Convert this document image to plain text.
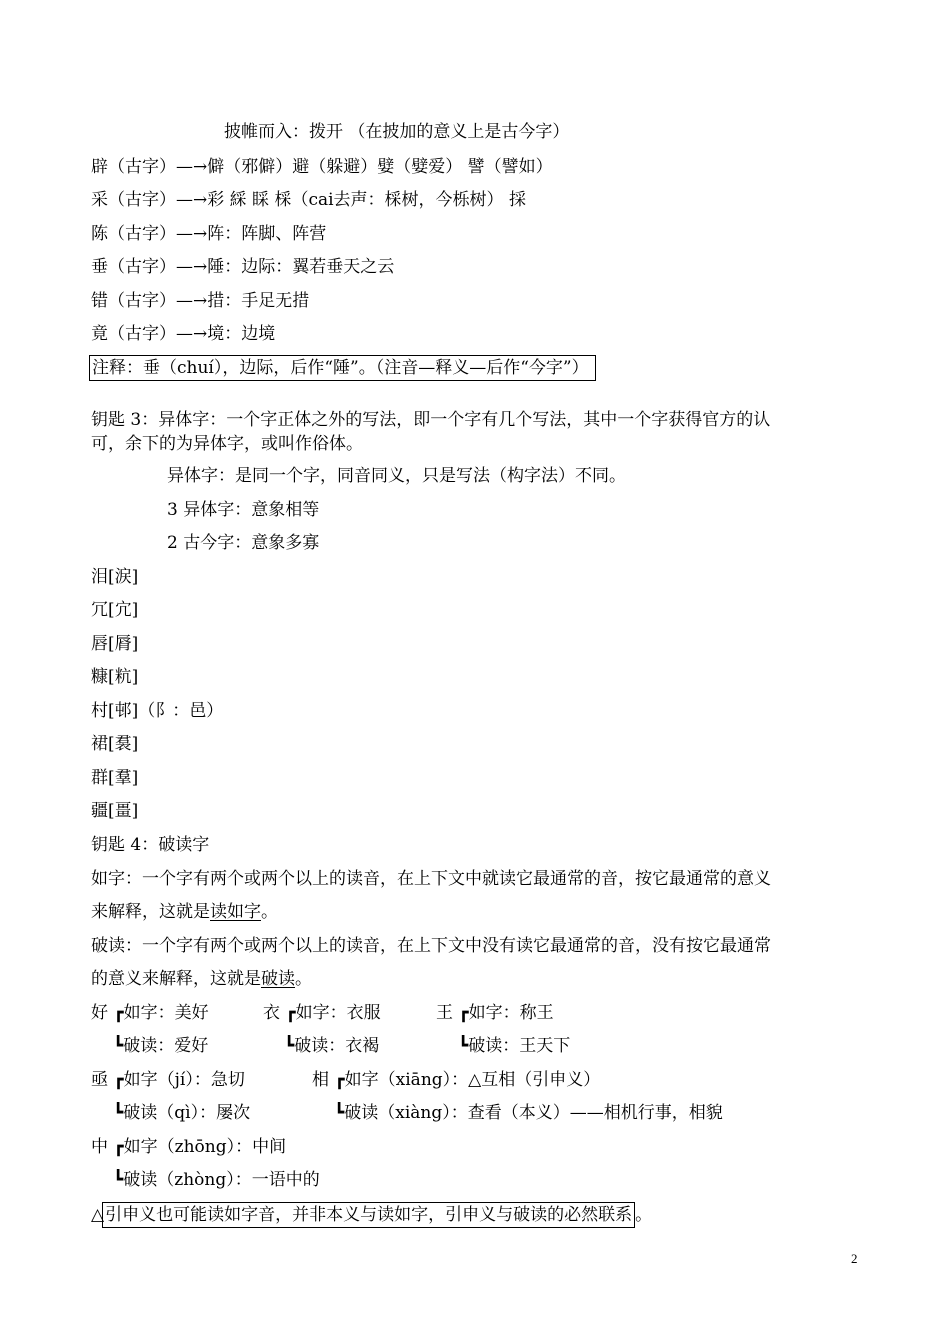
披帷而入：拨开 （在披加的意义上是古今字）
辟（古字）—→僻（邪僻）避（躲避）嬖（嬖爱） 譬（譬如）
采（古字）—→彩 綵 睬 棌（cai去声：棌树，今栎树） 採
陈（古字）—→阵：阵脚、阵营
垂（古字）—→陲：边际：翼若垂天之云
错（古字）—→措：手足无措
竟（古字）—→境：边境
注释：垂（chuí），边际，后作“陲”。（注音—释义—后作“今字”）
钥匙 3：异体字：一个字正体之外的写法，即一个字有几个写法，其中一个字获得官方的认
可，余下的为异体字，或叫作俗体。
异体字：是同一个字，同音同义，只是写法（构字法）不同。
3 异体字：意象相等
2 古今字：意象多寡
泪[涙]
冗[宂]
唇[脣]
糠[粇]
村[邨]（阝：邑）
裙[裠]
群[羣]
疆[畺]
钥匙 4：破读字
如字：一个字有两个或两个以上的读音，在上下文中就读它最通常的音，按它最通常的意义
来解释，这就是读如字。
破读：一个字有两个或两个以上的读音，在上下文中没有读它最通常的音，没有按它最通常
的意义来解释，这就是破读。
好 ┏如字：美好	衣 ┏如字：衣服	王 ┏如字：称王
┗破读：爱好	┗破读：衣褐	┗破读：王天下
亟 ┏如字（jí）：急切	相 ┏如字（xiāng）：△互相（引申义）
┗破读（qì）：屡次	┗破读（xiàng）：查看（本义）——相机行事，相貌
中 ┏如字（zhōng）：中间
┗破读（zhòng）：一语中的
△引申义也可能读如字音，并非本义与读如字，引申义与破读的必然联系 。
2
